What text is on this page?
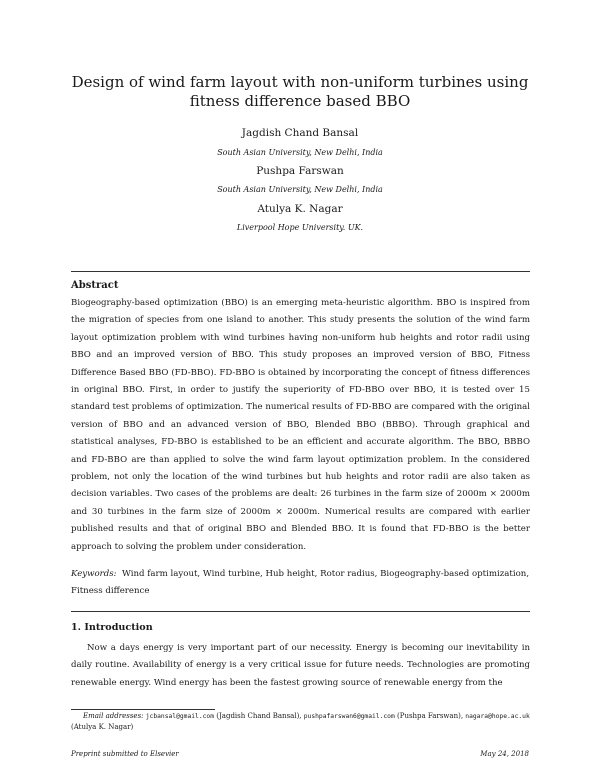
Design of wind farm layout with non-uniform turbines using fitness difference based BBO
Jagdish Chand Bansal
South Asian University, New Delhi, India
Pushpa Farswan
South Asian University, New Delhi, India
Atulya K. Nagar
Liverpool Hope University. UK.
Abstract

Biogeography-based optimization (BBO) is an emerging meta-heuristic algorithm. BBO is inspired from the migration of species from one island to another. This study presents the solution of the wind farm layout optimization problem with wind turbines having non-uniform hub heights and rotor radii using BBO and an improved version of BBO. This study proposes an improved version of BBO, Fitness Difference Based BBO (FD-BBO). FD-BBO is obtained by incorporating the concept of fitness differences in original BBO. First, in order to justify the superiority of FD-BBO over BBO, it is tested over 15 standard test problems of optimization. The numerical results of FD-BBO are compared with the original version of BBO and an advanced version of BBO, Blended BBO (BBBO). Through graphical and statistical analyses, FD-BBO is established to be an efficient and accurate algorithm. The BBO, BBBO and FD-BBO are than applied to solve the wind farm layout optimization problem. In the considered problem, not only the location of the wind turbines but hub heights and rotor radii are also taken as decision variables. Two cases of the problems are dealt: 26 turbines in the farm size of 2000m × 2000m and 30 turbines in the farm size of 2000m × 2000m. Numerical results are compared with earlier published results and that of original BBO and Blended BBO. It is found that FD-BBO is the better approach to solving the problem under consideration.

Keywords: Wind farm layout, Wind turbine, Hub height, Rotor radius, Biogeography-based optimization, Fitness difference

1. Introduction

Now a days energy is very important part of our necessity. Energy is becoming our inevitability in daily routine. Availability of energy is a very critical issue for future needs. Technologies are promoting renewable energy. Wind energy has been the fastest growing source of renewable energy from the

Email addresses: jcbansal@gmail.com (Jagdish Chand Bansal), pushpafarswan6@gmail.com (Pushpa Farswan), nagara@hope.ac.uk (Atulya K. Nagar)

Preprint submitted to Elsevier	May 24, 2018
